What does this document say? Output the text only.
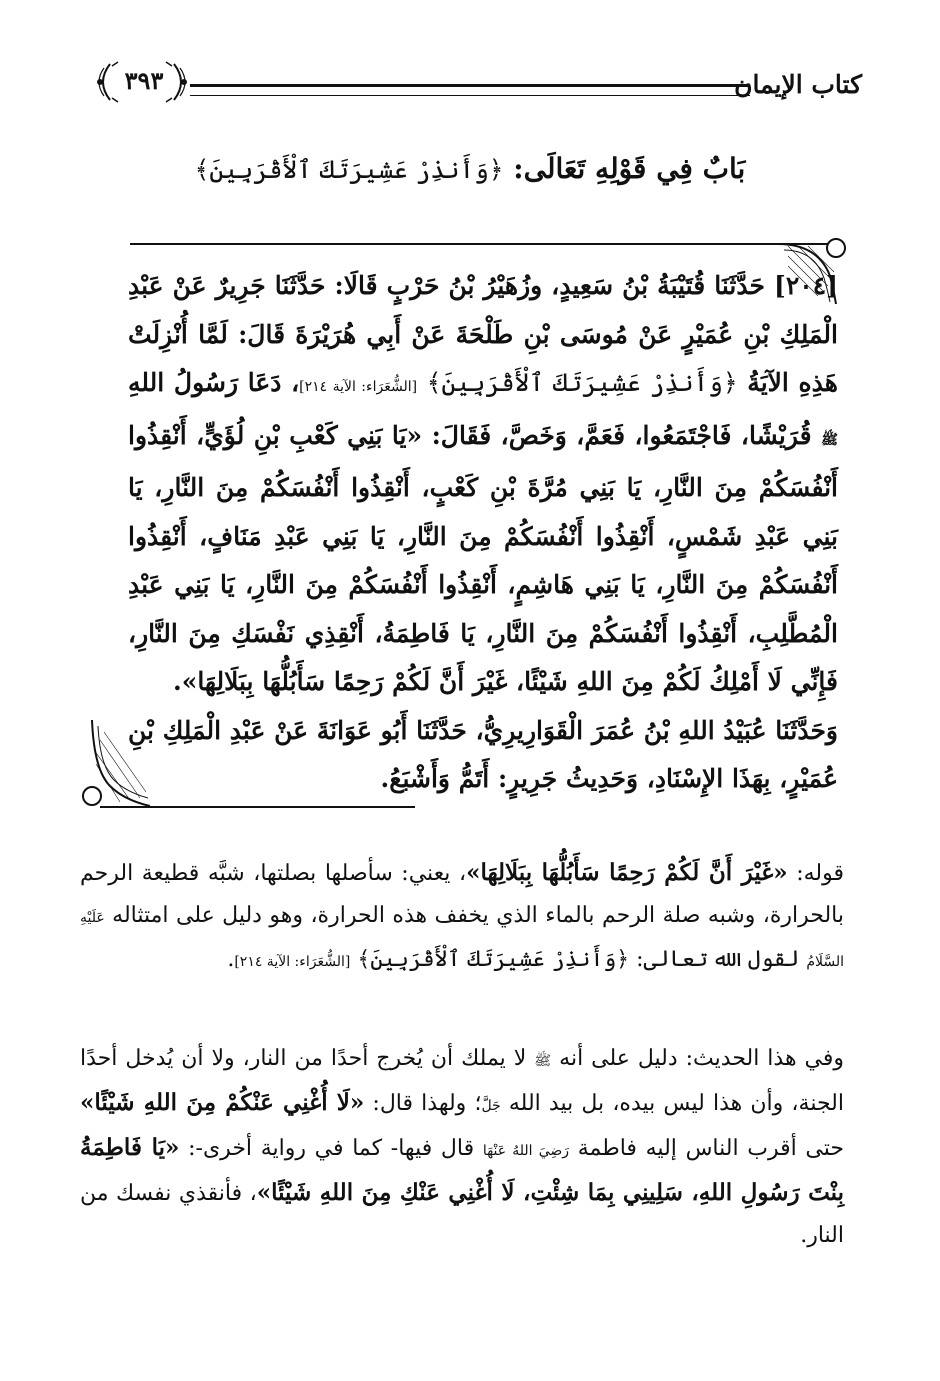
كتاب الإيمان
٣٩٣
بَابٌ فِي قَوْلِهِ تَعَالَى: ﴿وَأَنذِرْ عَشِيرَتَكَ ٱلْأَقْرَبِينَ﴾

[٢٠٤] حَدَّثَنَا قُتَيْبَةُ بْنُ سَعِيدٍ، وزُهَيْرُ بْنُ حَرْبٍ قَالَا: حَدَّثَنَا جَرِيرٌ عَنْ عَبْدِ الْمَلِكِ بْنِ عُمَيْرٍ عَنْ مُوسَى بْنِ طَلْحَةَ عَنْ أَبِي هُرَيْرَةَ قَالَ: لَمَّا أُنْزِلَتْ هَذِهِ الآيَةُ ﴿وَأَنذِرْ عَشِيرَتَكَ ٱلْأَقْرَبِينَ﴾ [الشُّعَرَاء: الآية ٢١٤]، دَعَا رَسُولُ اللهِ ﷺ قُرَيْشًا، فَاجْتَمَعُوا، فَعَمَّ، وَخَصَّ، فَقَالَ: «يَا بَنِي كَعْبِ بْنِ لُؤَيٍّ، أَنْقِذُوا أَنْفُسَكُمْ مِنَ النَّارِ، يَا بَنِي مُرَّةَ بْنِ كَعْبٍ، أَنْقِذُوا أَنْفُسَكُمْ مِنَ النَّارِ، يَا بَنِي عَبْدِ شَمْسٍ، أَنْقِذُوا أَنْفُسَكُمْ مِنَ النَّارِ، يَا بَنِي عَبْدِ مَنَافٍ، أَنْقِذُوا أَنْفُسَكُمْ مِنَ النَّارِ، يَا بَنِي هَاشِمٍ، أَنْقِذُوا أَنْفُسَكُمْ مِنَ النَّارِ، يَا بَنِي عَبْدِ الْمُطَّلِبِ، أَنْقِذُوا أَنْفُسَكُمْ مِنَ النَّارِ، يَا فَاطِمَةُ، أَنْقِذِي نَفْسَكِ مِنَ النَّارِ، فَإِنِّي لَا أَمْلِكُ لَكُمْ مِنَ اللهِ شَيْئًا، غَيْرَ أَنَّ لَكُمْ رَحِمًا سَأَبُلُّهَا بِبَلَالِهَا».

وَحَدَّثَنَا عُبَيْدُ اللهِ بْنُ عُمَرَ الْقَوَارِيرِيُّ، حَدَّثَنَا أَبُو عَوَانَةَ عَنْ عَبْدِ الْمَلِكِ بْنِ عُمَيْرٍ، بِهَذَا الإِسْنَادِ، وَحَدِيثُ جَرِيرٍ: أَتَمُّ وَأَشْبَعُ.

قوله: «غَيْرَ أَنَّ لَكُمْ رَحِمًا سَأَبُلُّهَا بِبَلَالِهَا»، يعني: سأصلها بصلتها، شبَّه قطيعة الرحم بالحرارة، وشبه صلة الرحم بالماء الذي يخفف هذه الحرارة، وهو دليل على امتثاله عَلَيْهِ السَّلَامُ لقول الله تعالى: ﴿وَأَنذِرْ عَشِيرَتَكَ ٱلْأَقْرَبِينَ﴾ [الشُّعَرَاء: الآية ٢١٤].

وفي هذا الحديث: دليل على أنه ﷺ لا يملك أن يُخرج أحدًا من النار، ولا أن يُدخل أحدًا الجنة، وأن هذا ليس بيده، بل بيد الله جَلَّ؛ ولهذا قال: «لَا أُغْنِي عَنْكُمْ مِنَ اللهِ شَيْئًا» حتى أقرب الناس إليه فاطمة رَضِيَ اللهُ عَنْهَا قال فيها- كما في رواية أخرى-: «يَا فَاطِمَةُ بِنْتَ رَسُولِ اللهِ، سَلِينِي بِمَا شِئْتِ، لَا أُغْنِي عَنْكِ مِنَ اللهِ شَيْئًا»، فأنقذي نفسك من النار.
